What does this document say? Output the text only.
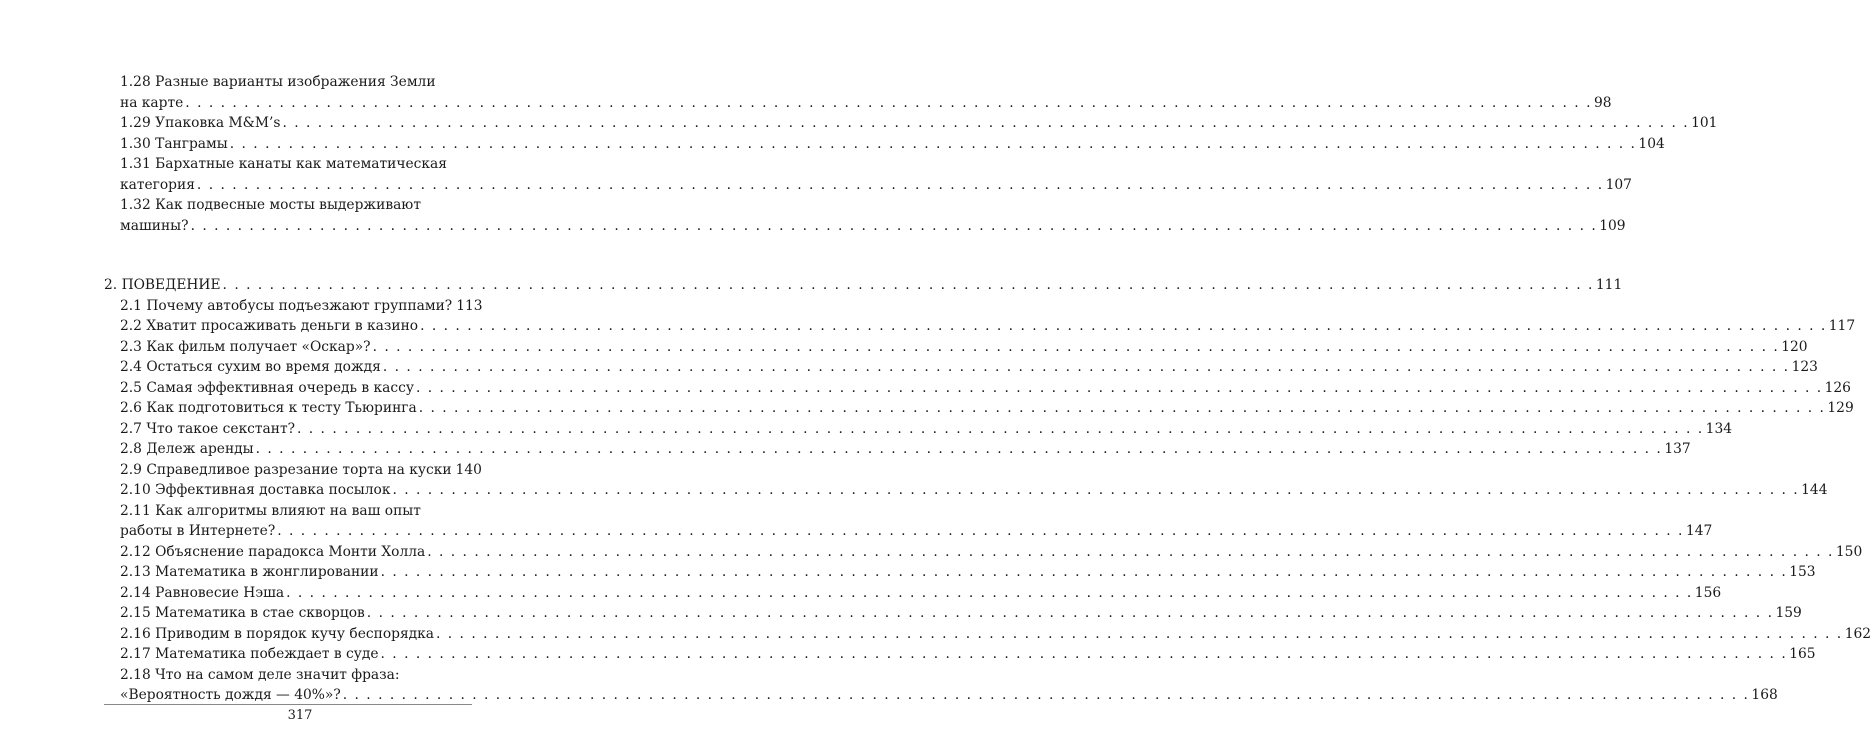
1.28 Разные варианты изображения Земли
на карте . . . . . . . . . . . . . . . . . . . . . . . . . . . . . . . . . . . . . . . . . . . . . . . . . . . . . . . . . . . . . . . . . . . . . . . . . . . . . . . . . . . . . . . . . . . . . . . . . . . . . . . . . . . . . . . . . . . . . . . . 98
1.29 Упаковка M&M’s . . . . . . . . . . . . . . . . . . . . . . . . . . . . . . . . . . . . . . . . . . . . . . . . . . . . . . . . . . . . . . . . . . . . . . . . . . . . . . . . . . . . . . . . . . . . . . . . . . . . . . . . . . . . . . . . . . . . . . . . 101
1.30 Танграмы . . . . . . . . . . . . . . . . . . . . . . . . . . . . . . . . . . . . . . . . . . . . . . . . . . . . . . . . . . . . . . . . . . . . . . . . . . . . . . . . . . . . . . . . . . . . . . . . . . . . . . . . . . . . . . . . . . . . . . . . 104
1.31 Бархатные канаты как математическая
категория . . . . . . . . . . . . . . . . . . . . . . . . . . . . . . . . . . . . . . . . . . . . . . . . . . . . . . . . . . . . . . . . . . . . . . . . . . . . . . . . . . . . . . . . . . . . . . . . . . . . . . . . . . . . . . . . . . . . . . . . 107
1.32 Как подвесные мосты выдерживают
машины? . . . . . . . . . . . . . . . . . . . . . . . . . . . . . . . . . . . . . . . . . . . . . . . . . . . . . . . . . . . . . . . . . . . . . . . . . . . . . . . . . . . . . . . . . . . . . . . . . . . . . . . . . . . . . . . . . . . . . . . . 109
2. ПОВЕДЕНИЕ . . . . . . . . . . . . . . . . . . . . . . . . . . . . . . . . . . . . . . . . . . . . . . . . . . . . . . . . . . . . . . . . . . . . . . . . . . . . . . . . . . . . . . . . . . . . . . . . . . . . . . . . . . . . . . . . . . . . . 111
2.1 Почему автобусы подъезжают группами? 113
2.2 Хватит просаживать деньги в казино . . . . . . . . . . . . . . . . . . . . . . . . . . . . . . . . . . . . . . . . . . . . . . . . . . . . . . . . . . . . . . . . . . . . . . . . . . . . . . . . . . . . . . . . . . . . . . . . . . . . . . . . . . . . . . . . . . . . . . . . 117
2.3 Как фильм получает «Оскар»? . . . . . . . . . . . . . . . . . . . . . . . . . . . . . . . . . . . . . . . . . . . . . . . . . . . . . . . . . . . . . . . . . . . . . . . . . . . . . . . . . . . . . . . . . . . . . . . . . . . . . . . . . . . . . . . . . . . . . . . . 120
2.4 Остаться сухим во время дождя . . . . . . . . . . . . . . . . . . . . . . . . . . . . . . . . . . . . . . . . . . . . . . . . . . . . . . . . . . . . . . . . . . . . . . . . . . . . . . . . . . . . . . . . . . . . . . . . . . . . . . . . . . . . . . . . . . . . . . . . 123
2.5 Самая эффективная очередь в кассу . . . . . . . . . . . . . . . . . . . . . . . . . . . . . . . . . . . . . . . . . . . . . . . . . . . . . . . . . . . . . . . . . . . . . . . . . . . . . . . . . . . . . . . . . . . . . . . . . . . . . . . . . . . . . . . . . . . . . . . . 126
2.6 Как подготовиться к тесту Тьюринга . . . . . . . . . . . . . . . . . . . . . . . . . . . . . . . . . . . . . . . . . . . . . . . . . . . . . . . . . . . . . . . . . . . . . . . . . . . . . . . . . . . . . . . . . . . . . . . . . . . . . . . . . . . . . . . . . . . . . . . . 129
2.7 Что такое секстант? . . . . . . . . . . . . . . . . . . . . . . . . . . . . . . . . . . . . . . . . . . . . . . . . . . . . . . . . . . . . . . . . . . . . . . . . . . . . . . . . . . . . . . . . . . . . . . . . . . . . . . . . . . . . . . . . . . . . . . . . 134
2.8 Дележ аренды . . . . . . . . . . . . . . . . . . . . . . . . . . . . . . . . . . . . . . . . . . . . . . . . . . . . . . . . . . . . . . . . . . . . . . . . . . . . . . . . . . . . . . . . . . . . . . . . . . . . . . . . . . . . . . . . . . . . . . . . 137
2.9 Справедливое разрезание торта на куски 140
2.10 Эффективная доставка посылок . . . . . . . . . . . . . . . . . . . . . . . . . . . . . . . . . . . . . . . . . . . . . . . . . . . . . . . . . . . . . . . . . . . . . . . . . . . . . . . . . . . . . . . . . . . . . . . . . . . . . . . . . . . . . . . . . . . . . . . . 144
2.11 Как алгоритмы влияют на ваш опыт
работы в Интернете? . . . . . . . . . . . . . . . . . . . . . . . . . . . . . . . . . . . . . . . . . . . . . . . . . . . . . . . . . . . . . . . . . . . . . . . . . . . . . . . . . . . . . . . . . . . . . . . . . . . . . . . . . . . . . . . . . . . . . . . . 147
2.12 Объяснение парадокса Монти Холла . . . . . . . . . . . . . . . . . . . . . . . . . . . . . . . . . . . . . . . . . . . . . . . . . . . . . . . . . . . . . . . . . . . . . . . . . . . . . . . . . . . . . . . . . . . . . . . . . . . . . . . . . . . . . . . . . . . . . . . . 150
2.13 Математика в жонглировании . . . . . . . . . . . . . . . . . . . . . . . . . . . . . . . . . . . . . . . . . . . . . . . . . . . . . . . . . . . . . . . . . . . . . . . . . . . . . . . . . . . . . . . . . . . . . . . . . . . . . . . . . . . . . . . . . . . . . . . . 153
2.14 Равновесие Нэша . . . . . . . . . . . . . . . . . . . . . . . . . . . . . . . . . . . . . . . . . . . . . . . . . . . . . . . . . . . . . . . . . . . . . . . . . . . . . . . . . . . . . . . . . . . . . . . . . . . . . . . . . . . . . . . . . . . . . . . . 156
2.15 Математика в стае скворцов . . . . . . . . . . . . . . . . . . . . . . . . . . . . . . . . . . . . . . . . . . . . . . . . . . . . . . . . . . . . . . . . . . . . . . . . . . . . . . . . . . . . . . . . . . . . . . . . . . . . . . . . . . . . . . . . . . . . . . . . 159
2.16 Приводим в порядок кучу беспорядка . . . . . . . . . . . . . . . . . . . . . . . . . . . . . . . . . . . . . . . . . . . . . . . . . . . . . . . . . . . . . . . . . . . . . . . . . . . . . . . . . . . . . . . . . . . . . . . . . . . . . . . . . . . . . . . . . . . . . . . . 162
2.17 Математика побеждает в суде . . . . . . . . . . . . . . . . . . . . . . . . . . . . . . . . . . . . . . . . . . . . . . . . . . . . . . . . . . . . . . . . . . . . . . . . . . . . . . . . . . . . . . . . . . . . . . . . . . . . . . . . . . . . . . . . . . . . . . . . 165
2.18 Что на самом деле значит фраза:
«Вероятность дождя — 40%»? . . . . . . . . . . . . . . . . . . . . . . . . . . . . . . . . . . . . . . . . . . . . . . . . . . . . . . . . . . . . . . . . . . . . . . . . . . . . . . . . . . . . . . . . . . . . . . . . . . . . . . . . . . . . . . . . . . . . . . . . 168
317
